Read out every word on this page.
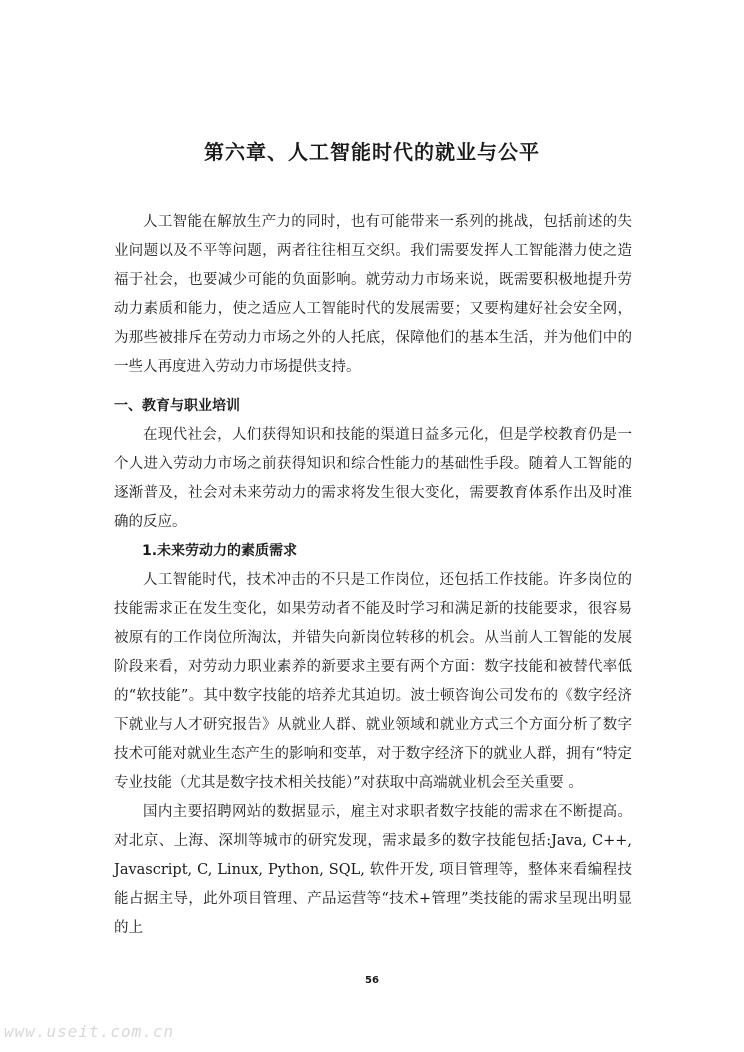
第六章、人工智能时代的就业与公平

人工智能在解放生产力的同时，也有可能带来一系列的挑战，包括前述的失业问题以及不平等问题，两者往往相互交织。我们需要发挥人工智能潜力使之造福于社会，也要减少可能的负面影响。就劳动力市场来说，既需要积极地提升劳动力素质和能力，使之适应人工智能时代的发展需要；又要构建好社会安全网，为那些被排斥在劳动力市场之外的人托底，保障他们的基本生活，并为他们中的一些人再度进入劳动力市场提供支持。

一、教育与职业培训

在现代社会，人们获得知识和技能的渠道日益多元化，但是学校教育仍是一个人进入劳动力市场之前获得知识和综合性能力的基础性手段。随着人工智能的逐渐普及，社会对未来劳动力的需求将发生很大变化，需要教育体系作出及时准确的反应。

1.未来劳动力的素质需求

人工智能时代，技术冲击的不只是工作岗位，还包括工作技能。许多岗位的技能需求正在发生变化，如果劳动者不能及时学习和满足新的技能要求，很容易被原有的工作岗位所淘汰，并错失向新岗位转移的机会。从当前人工智能的发展阶段来看，对劳动力职业素养的新要求主要有两个方面：数字技能和被替代率低的“软技能”。其中数字技能的培养尤其迫切。波士顿咨询公司发布的《数字经济下就业与人才研究报告》从就业人群、就业领域和就业方式三个方面分析了数字技术可能对就业生态产生的影响和变革，对于数字经济下的就业人群，拥有“特定专业技能（尤其是数字技术相关技能）”对获取中高端就业机会至关重要 。

国内主要招聘网站的数据显示，雇主对求职者数字技能的需求在不断提高。对北京、上海、深圳等城市的研究发现，需求最多的数字技能包括:Java, C++, Javascript, C, Linux, Python, SQL, 软件开发, 项目管理等，整体来看编程技能占据主导，此外项目管理、产品运营等“技术+管理”类技能的需求呈现出明显的上

56
www.useit.com.cn
